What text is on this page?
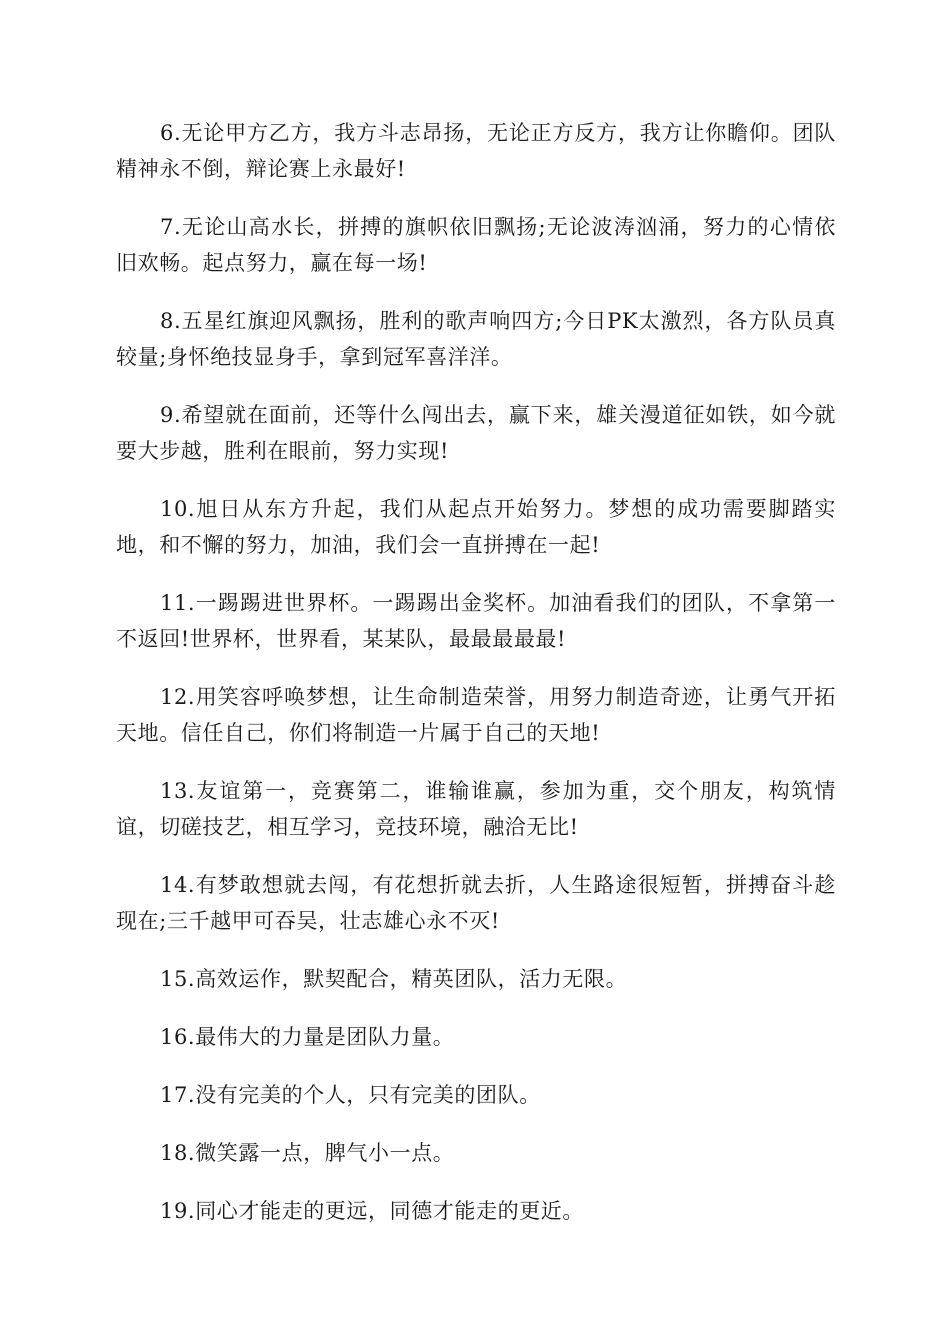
6.无论甲方乙方，我方斗志昂扬，无论正方反方，我方让你瞻仰。团队精神永不倒，辩论赛上永最好!

7.无论山高水长，拼搏的旗帜依旧飘扬;无论波涛汹涌，努力的心情依旧欢畅。起点努力，赢在每一场!

8.五星红旗迎风飘扬，胜利的歌声响四方;今日PK太激烈，各方队员真较量;身怀绝技显身手，拿到冠军喜洋洋。

9.希望就在面前，还等什么闯出去，赢下来，雄关漫道征如铁，如今就要大步越，胜利在眼前，努力实现!

10.旭日从东方升起，我们从起点开始努力。梦想的成功需要脚踏实地，和不懈的努力，加油，我们会一直拼搏在一起!

11.一踢踢进世界杯。一踢踢出金奖杯。加油看我们的团队，不拿第一不返回!世界杯，世界看，某某队，最最最最最!

12.用笑容呼唤梦想，让生命制造荣誉，用努力制造奇迹，让勇气开拓天地。信任自己，你们将制造一片属于自己的天地!

13.友谊第一，竞赛第二，谁输谁赢，参加为重，交个朋友，构筑情谊，切磋技艺，相互学习，竞技环境，融洽无比!

14.有梦敢想就去闯，有花想折就去折，人生路途很短暂，拼搏奋斗趁现在;三千越甲可吞吴，壮志雄心永不灭!

15.高效运作，默契配合，精英团队，活力无限。

16.最伟大的力量是团队力量。

17.没有完美的个人，只有完美的团队。

18.微笑露一点，脾气小一点。

19.同心才能走的更远，同德才能走的更近。
